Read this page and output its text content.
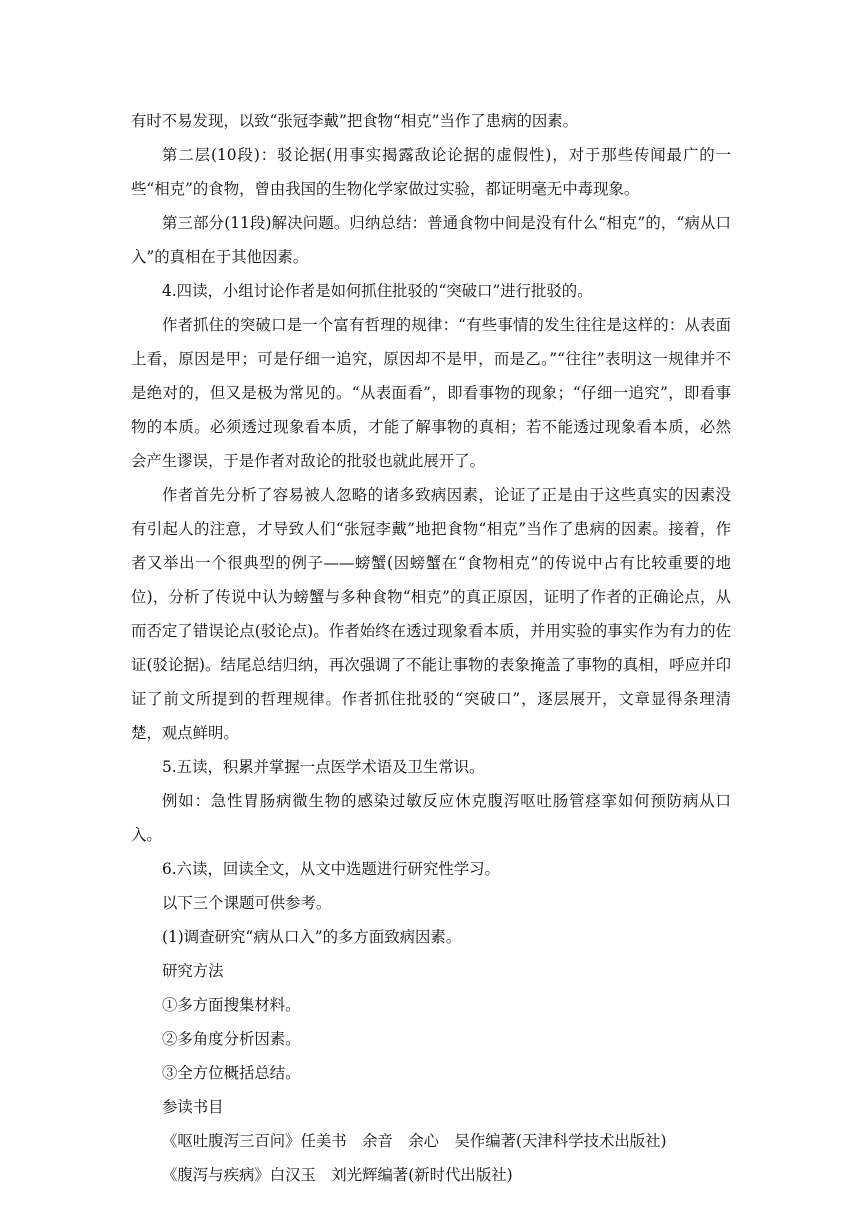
有时不易发现，以致“张冠李戴”把食物“相克”当作了患病的因素。

第二层(10段)：驳论据(用事实揭露敌论论据的虚假性)，对于那些传闻最广的一些“相克”的食物，曾由我国的生物化学家做过实验，都证明毫无中毒现象。

第三部分(11段)解决问题。归纳总结：普通食物中间是没有什么“相克”的，“病从口入”的真相在于其他因素。

4.四读，小组讨论作者是如何抓住批驳的“突破口”进行批驳的。

作者抓住的突破口是一个富有哲理的规律：“有些事情的发生往往是这样的：从表面上看，原因是甲；可是仔细一追究，原因却不是甲，而是乙。”“往往”表明这一规律并不是绝对的，但又是极为常见的。“从表面看”，即看事物的现象；“仔细一追究”，即看事物的本质。必须透过现象看本质，才能了解事物的真相；若不能透过现象看本质，必然会产生谬误，于是作者对敌论的批驳也就此展开了。

作者首先分析了容易被人忽略的诸多致病因素，论证了正是由于这些真实的因素没有引起人的注意，才导致人们“张冠李戴”地把食物“相克”当作了患病的因素。接着，作者又举出一个很典型的例子——螃蟹(因螃蟹在“食物相克”的传说中占有比较重要的地位)，分析了传说中认为螃蟹与多种食物“相克”的真正原因，证明了作者的正确论点，从而否定了错误论点(驳论点)。作者始终在透过现象看本质，并用实验的事实作为有力的佐证(驳论据)。结尾总结归纳，再次强调了不能让事物的表象掩盖了事物的真相，呼应并印证了前文所提到的哲理规律。作者抓住批驳的“突破口”，逐层展开，文章显得条理清楚，观点鲜明。

5.五读，积累并掌握一点医学术语及卫生常识。

例如：急性胃肠病微生物的感染过敏反应休克腹泻呕吐肠管痉挛如何预防病从口入。

6.六读，回读全文，从文中选题进行研究性学习。

以下三个课题可供参考。

(1)调查研究“病从口入”的多方面致病因素。

研究方法

①多方面搜集材料。

②多角度分析因素。

③全方位概括总结。

参读书目

《呕吐腹泻三百问》任美书　余音　余心　吴作编著(天津科学技术出版社)

《腹泻与疾病》白汉玉　刘光辉编著(新时代出版社)
